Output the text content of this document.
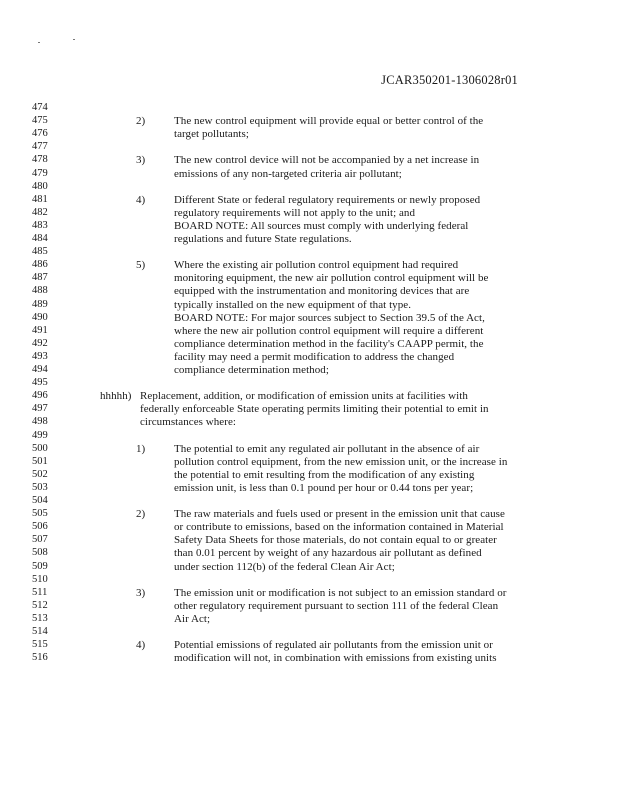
JCAR350201-1306028r01
474
475	2)	The new control equipment will provide equal or better control of the
476	target pollutants;
477
478	3)	The new control device will not be accompanied by a net increase in
479	emissions of any non-targeted criteria air pollutant;
480
481	4)	Different State or federal regulatory requirements or newly proposed
482	regulatory requirements will not apply to the unit; and
483	BOARD NOTE: All sources must comply with underlying federal
484	regulations and future State regulations.
485
486	5)	Where the existing air pollution control equipment had required
487	monitoring equipment, the new air pollution control equipment will be
488	equipped with the instrumentation and monitoring devices that are
489	typically installed on the new equipment of that type.
490	BOARD NOTE: For major sources subject to Section 39.5 of the Act,
491	where the new air pollution control equipment will require a different
492	compliance determination method in the facility's CAAPP permit, the
493	facility may need a permit modification to address the changed
494	compliance determination method;
495
496	hhhhh) Replacement, addition, or modification of emission units at facilities with
497	federally enforceable State operating permits limiting their potential to emit in
498	circumstances where:
499
500	1)	The potential to emit any regulated air pollutant in the absence of air
501	pollution control equipment, from the new emission unit, or the increase in
502	the potential to emit resulting from the modification of any existing
503	emission unit, is less than 0.1 pound per hour or 0.44 tons per year;
504
505	2)	The raw materials and fuels used or present in the emission unit that cause
506	or contribute to emissions, based on the information contained in Material
507	Safety Data Sheets for those materials, do not contain equal to or greater
508	than 0.01 percent by weight of any hazardous air pollutant as defined
509	under section 112(b) of the federal Clean Air Act;
510
511	3)	The emission unit or modification is not subject to an emission standard or
512	other regulatory requirement pursuant to section 111 of the federal Clean
513	Air Act;
514
515	4)	Potential emissions of regulated air pollutants from the emission unit or
516	modification will not, in combination with emissions from existing units
